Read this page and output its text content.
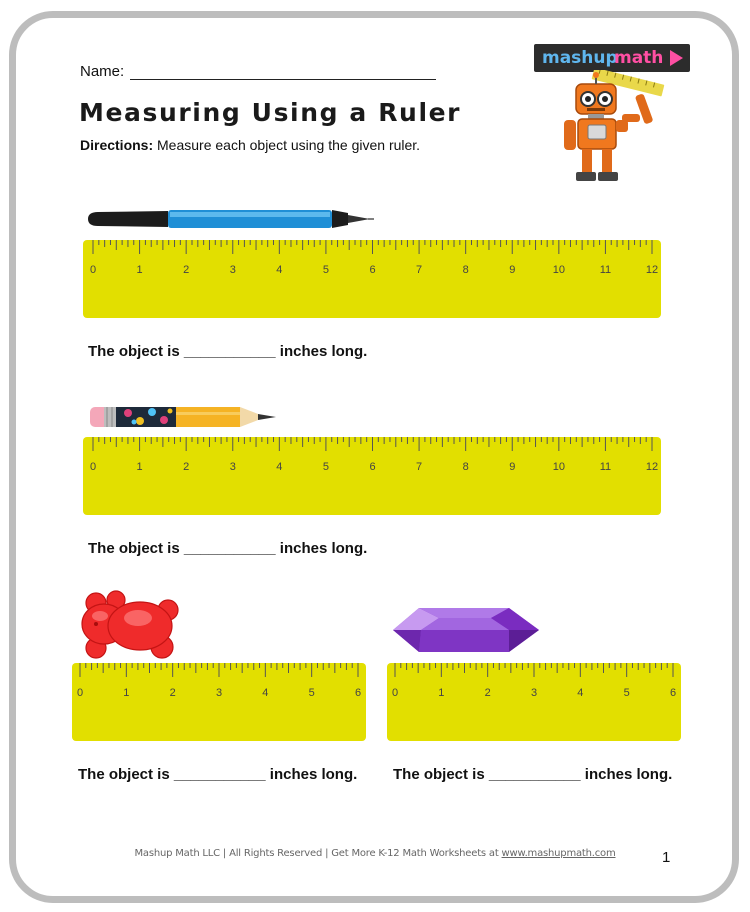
Name:
Measuring Using a Ruler
Directions: Measure each object using the given ruler.
mashup
math
0	1	2	3	4	5	6	7	8	9	10	11	12
The object is ___________ inches long.
0	1	2	3	4	5	6	7	8	9	10	11	12
The object is ___________ inches long.
0	1	2	3	4	5	6
The object is ___________ inches long.
0	1	2	3	4	5	6
The object is ___________ inches long.
Mashup Math LLC | All Rights Reserved | Get More K-12 Math Worksheets at www.mashupmath.com	1
